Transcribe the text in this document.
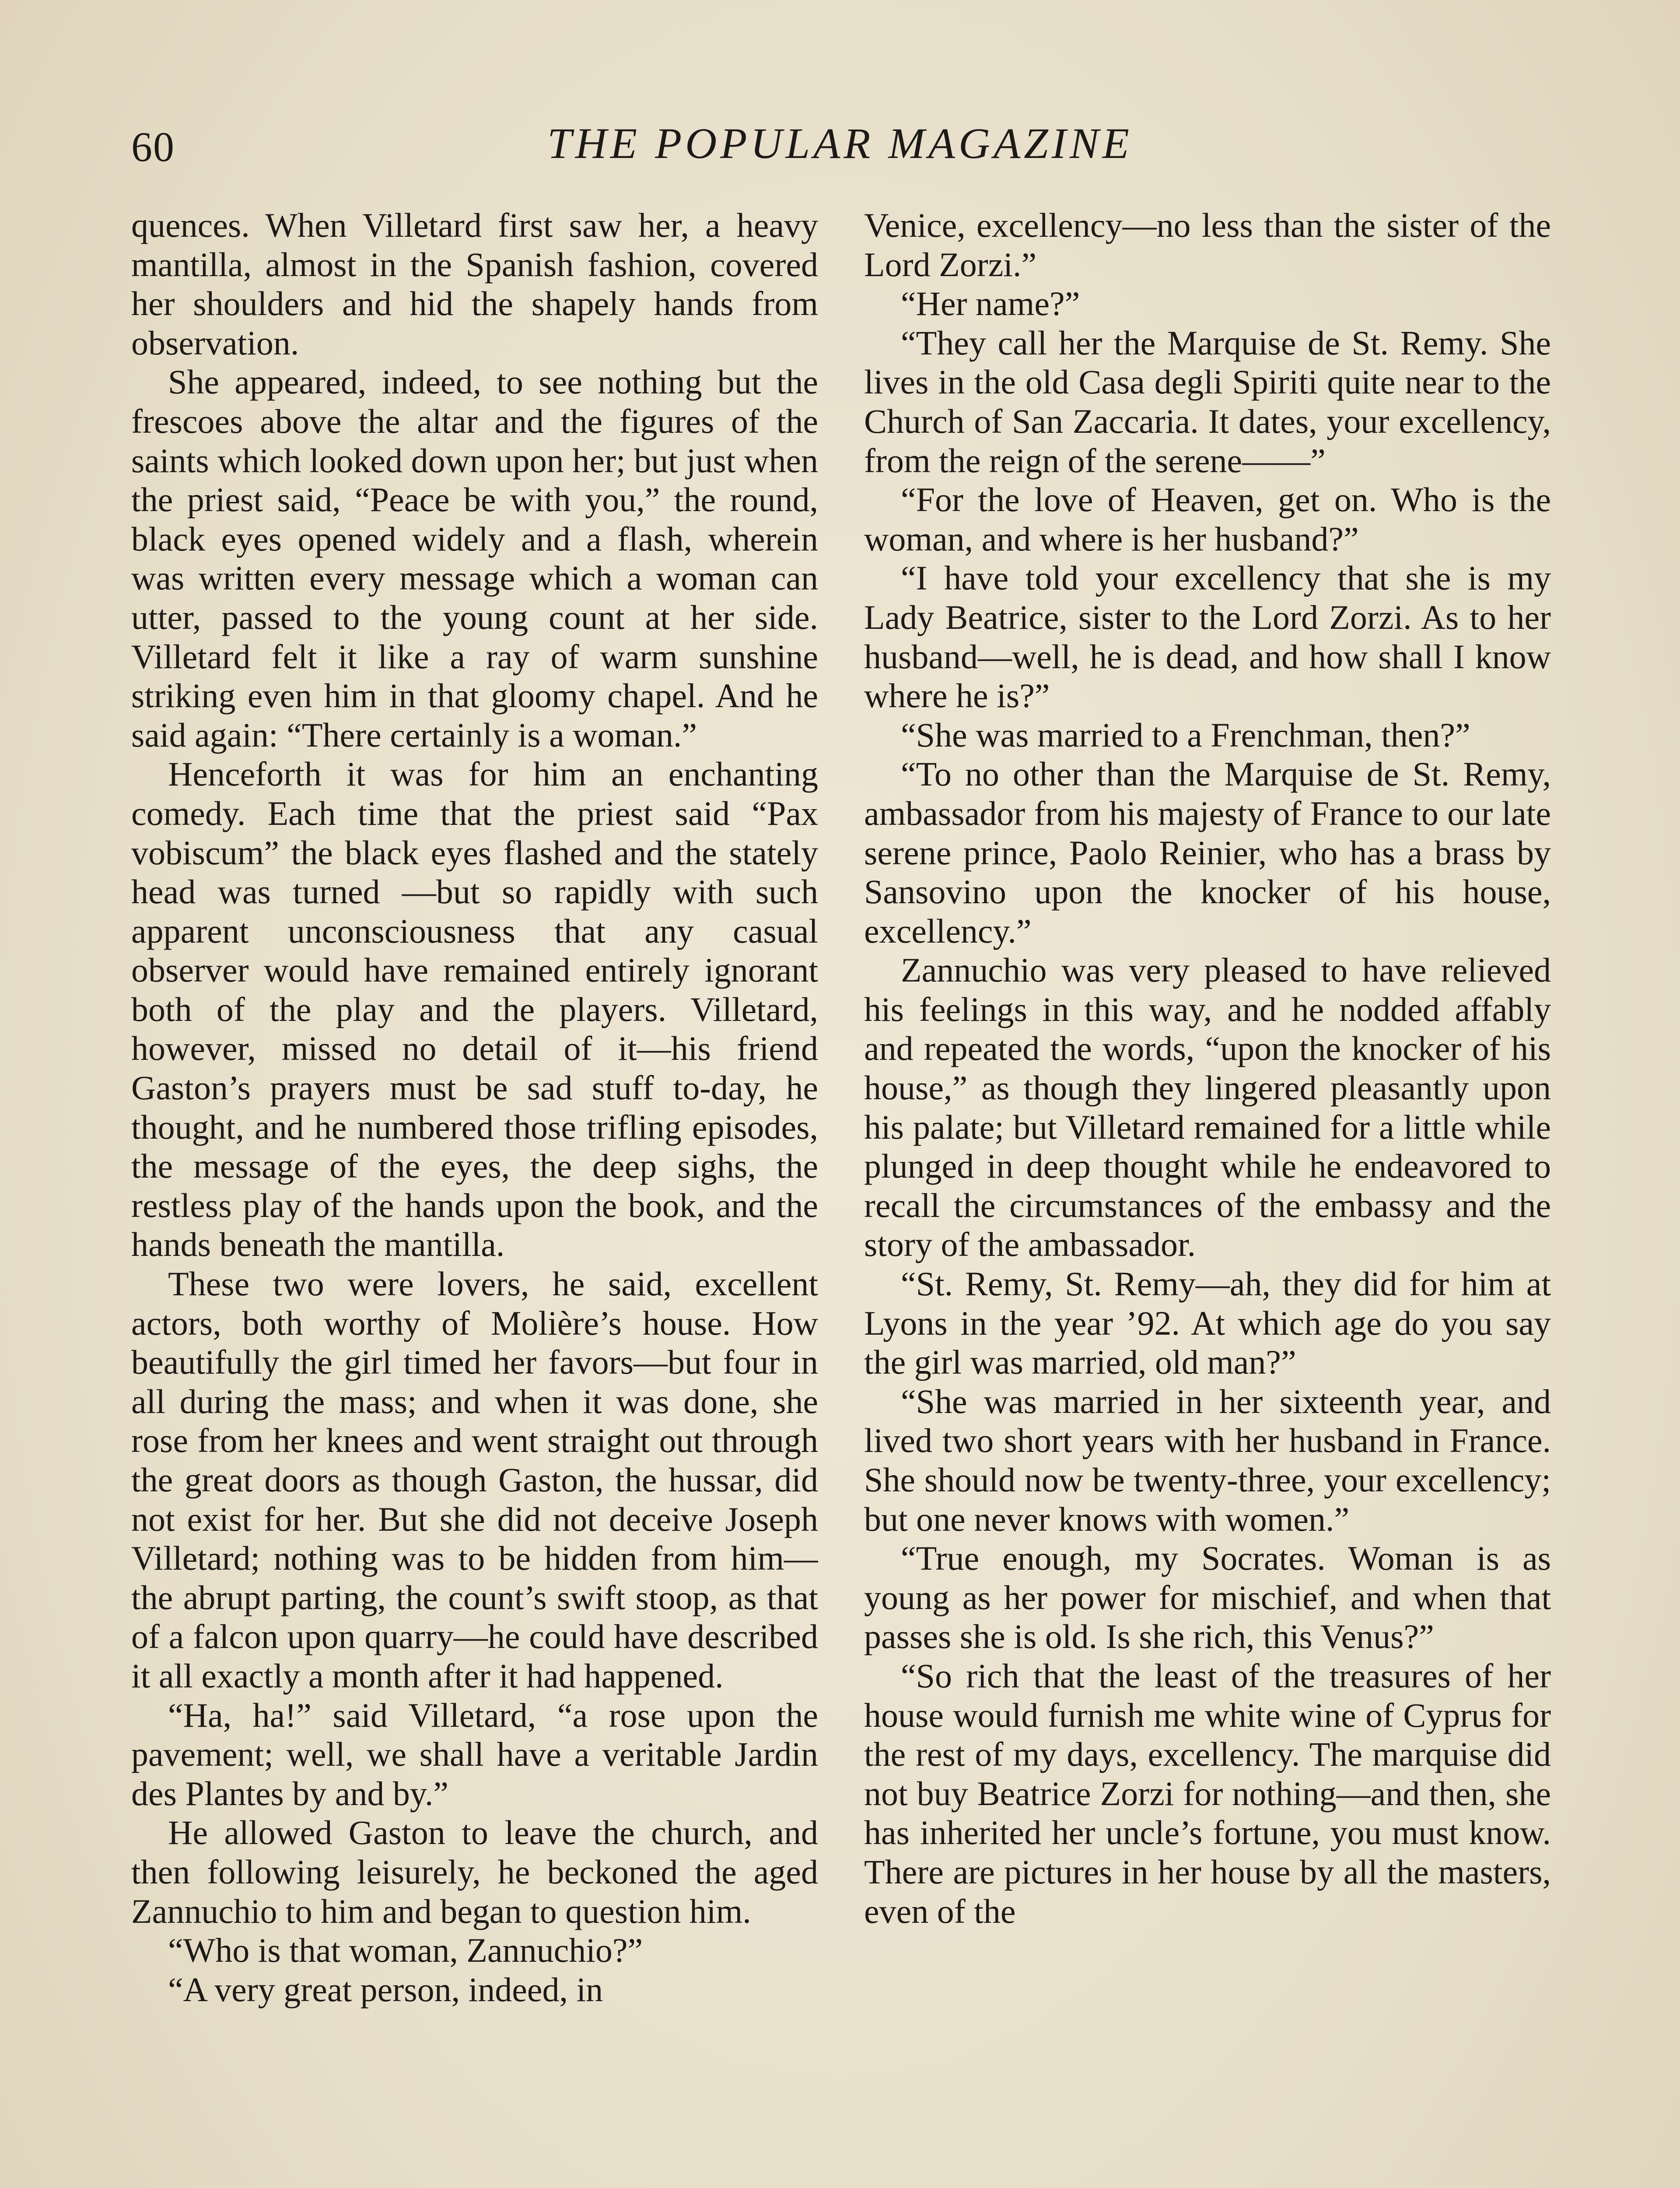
60	THE POPULAR MAGAZINE

quences. When Villetard first saw her, a heavy mantilla, almost in the Spanish fashion, covered her shoulders and hid the shapely hands from observation.

She appeared, indeed, to see nothing but the frescoes above the altar and the figures of the saints which looked down upon her; but just when the priest said, “Peace be with you,” the round, black eyes opened widely and a flash, wherein was written every message which a woman can utter, passed to the young count at her side. Villetard felt it like a ray of warm sunshine striking even him in that gloomy chapel. And he said again: “There certainly is a woman.”

Henceforth it was for him an enchanting comedy. Each time that the priest said “Pax vobiscum” the black eyes flashed and the stately head was turned —but so rapidly with such apparent unconsciousness that any casual observer would have remained entirely ignorant both of the play and the players. Villetard, however, missed no detail of it—his friend Gaston’s prayers must be sad stuff to-day, he thought, and he numbered those trifling episodes, the message of the eyes, the deep sighs, the restless play of the hands upon the book, and the hands beneath the mantilla.

These two were lovers, he said, excellent actors, both worthy of Molière’s house. How beautifully the girl timed her favors—but four in all during the mass; and when it was done, she rose from her knees and went straight out through the great doors as though Gaston, the hussar, did not exist for her. But she did not deceive Joseph Villetard; nothing was to be hidden from him—the abrupt parting, the count’s swift stoop, as that of a falcon upon quarry—he could have described it all exactly a month after it had happened.

“Ha, ha!” said Villetard, “a rose upon the pavement; well, we shall have a veritable Jardin des Plantes by and by.”

He allowed Gaston to leave the church, and then following leisurely, he beckoned the aged Zannuchio to him and began to question him.

“Who is that woman, Zannuchio?”

“A very great person, indeed, in

Venice, excellency—no less than the sister of the Lord Zorzi.”

“Her name?”

“They call her the Marquise de St. Remy. She lives in the old Casa degli Spiriti quite near to the Church of San Zaccaria. It dates, your excellency, from the reign of the serene——”

“For the love of Heaven, get on. Who is the woman, and where is her husband?”

“I have told your excellency that she is my Lady Beatrice, sister to the Lord Zorzi. As to her husband—well, he is dead, and how shall I know where he is?”

“She was married to a Frenchman, then?”

“To no other than the Marquise de St. Remy, ambassador from his majesty of France to our late serene prince, Paolo Reinier, who has a brass by Sansovino upon the knocker of his house, excellency.”

Zannuchio was very pleased to have relieved his feelings in this way, and he nodded affably and repeated the words, “upon the knocker of his house,” as though they lingered pleasantly upon his palate; but Villetard remained for a little while plunged in deep thought while he endeavored to recall the circumstances of the embassy and the story of the ambassador.

“St. Remy, St. Remy—ah, they did for him at Lyons in the year ’92. At which age do you say the girl was married, old man?”

“She was married in her sixteenth year, and lived two short years with her husband in France. She should now be twenty-three, your excellency; but one never knows with women.”

“True enough, my Socrates. Woman is as young as her power for mischief, and when that passes she is old. Is she rich, this Venus?”

“So rich that the least of the treasures of her house would furnish me white wine of Cyprus for the rest of my days, excellency. The marquise did not buy Beatrice Zorzi for nothing—and then, she has inherited her uncle’s fortune, you must know. There are pictures in her house by all the masters, even of the
